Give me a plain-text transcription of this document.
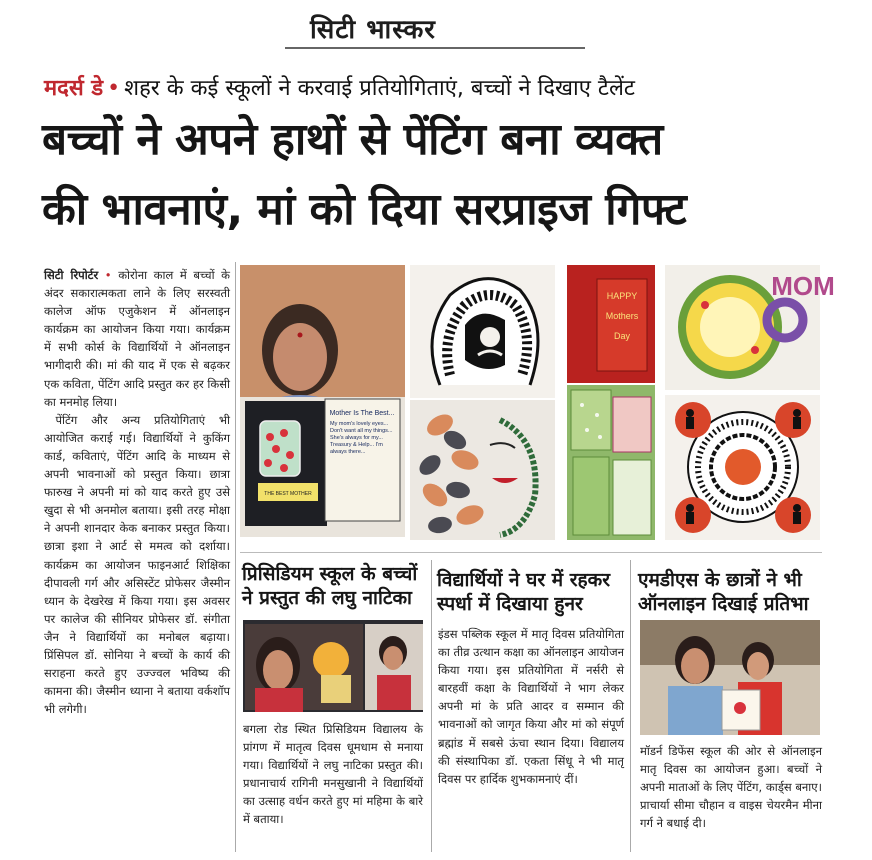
सिटी भास्कर
मदर्स डे • शहर के कई स्कूलों ने करवाई प्रतियोगिताएं, बच्चों ने दिखाए टैलेंट
बच्चों ने अपने हाथों से पेंटिंग बना व्यक्त
की भावनाएं, मां को दिया सरप्राइज गिफ्ट
सिटी रिपोर्टर • कोरोना काल में बच्चों के अंदर सकारात्मकता लाने के लिए सरस्वती कालेज ऑफ एजुकेशन में ऑनलाइन कार्यक्रम का आयोजन किया गया। कार्यक्रम में सभी कोर्स के विद्यार्थियों ने ऑनलाइन भागीदारी की। मां की याद में एक से बढ़कर एक कविता, पेंटिंग आदि प्रस्तुत कर हर किसी का मनमोह लिया।
पेंटिंग और अन्य प्रतियोगिताएं भी आयोजित कराई गई। विद्यार्थियों ने कुकिंग कार्ड, कविताएं, पेंटिंग आदि के माध्यम से अपनी भावनाओं को प्रस्तुत किया। छात्रा फारुख ने अपनी मां को याद करते हुए उसे खुदा से भी अनमोल बताया। इसी तरह मोक्षा ने अपनी शानदार केक बनाकर प्रस्तुत किया। छात्रा इशा ने आर्ट से ममत्व को दर्शाया। कार्यक्रम का आयोजन फाइनआर्ट शिक्षिका दीपावली गर्ग और असिस्टेंट प्रोफेसर जैस्मीन ध्यान के देखरेख में किया गया। इस अवसर पर कालेज की सीनियर प्रोफेसर डॉ. संगीता जैन ने विद्यार्थियों का मनोबल बढ़ाया। प्रिंसिपल डॉ. सोनिया ने बच्चों के कार्य की सराहना करते हुए उज्ज्वल भविष्य की कामना की। जैस्मीन ध्याना ने बताया वर्कशॉप भी लगेगी।
THE BEST MOTHER
Mother Is The Best...
My mom's lovely eyes... Don't want all my things... She's always for my... Treasury & Help... I'm always there...
HAPPY
Mothers
Day
MOM
प्रिसिडियम स्कूल के बच्चों ने प्रस्तुत की लघु नाटिका
बगला रोड स्थित प्रिसिडियम विद्यालय के प्रांगण में मातृत्व दिवस धूमधाम से मनाया गया। विद्यार्थियों ने लघु नाटिका प्रस्तुत की। प्रधानाचार्य रागिनी मनसुखानी ने विद्यार्थियों का उत्साह वर्धन करते हुए मां महिमा के बारे में बताया।
विद्यार्थियों ने घर में रहकर स्पर्धा में दिखाया हुनर
इंडस पब्लिक स्कूल में मातृ दिवस प्रतियोगिता का तीव्र उत्थान कक्षा का ऑनलाइन आयोजन किया गया। इस प्रतियोगिता में नर्सरी से बारहवीं कक्षा के विद्यार्थियों ने भाग लेकर अपनी मां के प्रति आदर व सम्मान की भावनाओं को जागृत किया और मां को संपूर्ण ब्रह्मांड में सबसे ऊंचा स्थान दिया। विद्यालय की संस्थापिका डॉ. एकता सिंधू ने भी मातृ दिवस पर हार्दिक शुभकामनाएं दीं।
एमडीएस के छात्रों ने भी ऑनलाइन दिखाई प्रतिभा
मॉडर्न डिफेंस स्कूल की ओर से ऑनलाइन मातृ दिवस का आयोजन हुआ। बच्चों ने अपनी माताओं के लिए पेंटिंग, कार्ड्स बनाए। प्राचार्या सीमा चौहान व वाइस चेयरमैन मीना गर्ग ने बधाई दी।
